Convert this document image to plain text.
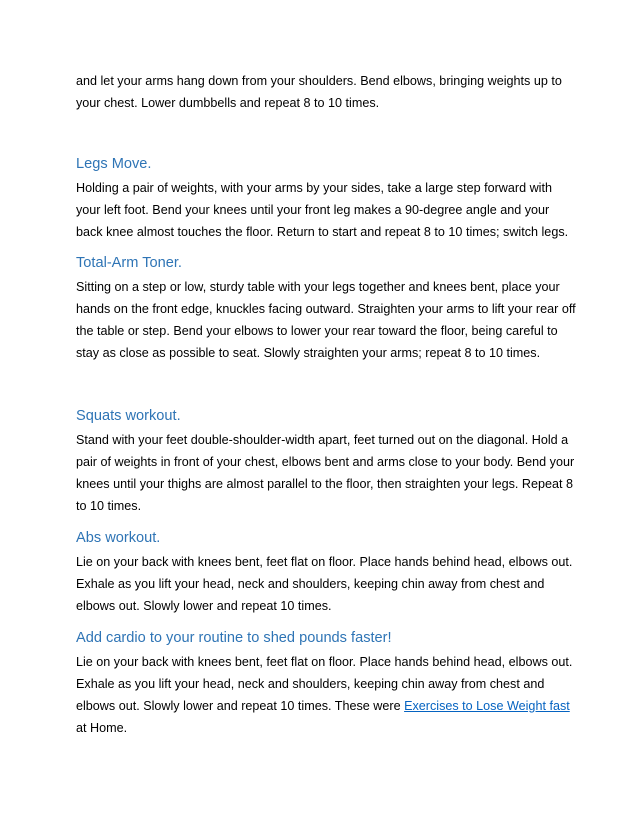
and let your arms hang down from your shoulders. Bend elbows, bringing weights up to your chest. Lower dumbbells and repeat 8 to 10 times.

Legs Move.

Holding a pair of weights, with your arms by your sides, take a large step forward with your left foot. Bend your knees until your front leg makes a 90-degree angle and your back knee almost touches the floor. Return to start and repeat 8 to 10 times; switch legs.

Total-Arm Toner.

Sitting on a step or low, sturdy table with your legs together and knees bent, place your hands on the front edge, knuckles facing outward. Straighten your arms to lift your rear off the table or step. Bend your elbows to lower your rear toward the floor, being careful to stay as close as possible to seat. Slowly straighten your arms; repeat 8 to 10 times.

Squats workout.

Stand with your feet double-shoulder-width apart, feet turned out on the diagonal. Hold a pair of weights in front of your chest, elbows bent and arms close to your body. Bend your knees until your thighs are almost parallel to the floor, then straighten your legs. Repeat 8 to 10 times.

Abs workout.

Lie on your back with knees bent, feet flat on floor. Place hands behind head, elbows out. Exhale as you lift your head, neck and shoulders, keeping chin away from chest and elbows out. Slowly lower and repeat 10 times.

Add cardio to your routine to shed pounds faster!

Lie on your back with knees bent, feet flat on floor. Place hands behind head, elbows out. Exhale as you lift your head, neck and shoulders, keeping chin away from chest and elbows out. Slowly lower and repeat 10 times. These were Exercises to Lose Weight fast at Home.
